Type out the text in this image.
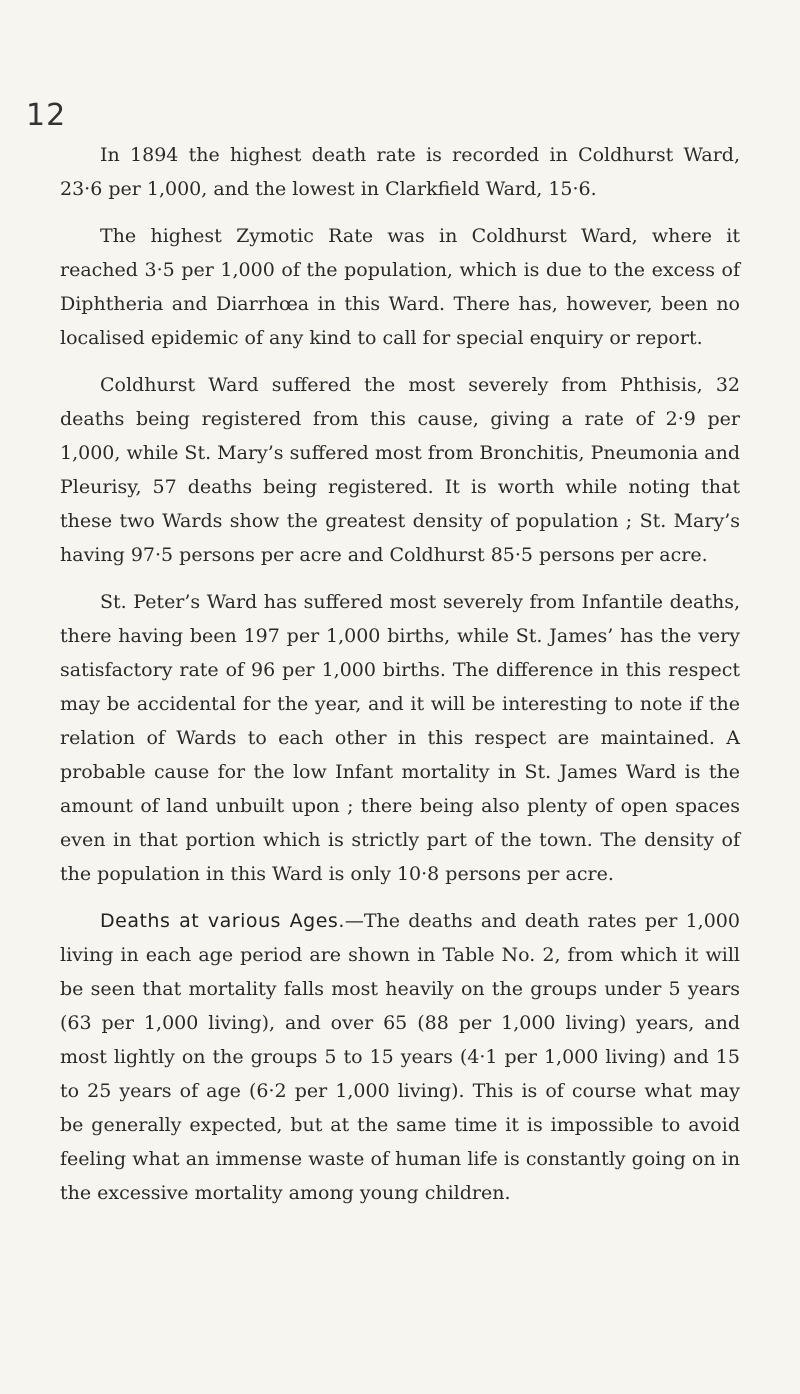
12

In 1894 the highest death rate is recorded in Coldhurst Ward, 23·6 per 1,000, and the lowest in Clarkfield Ward, 15·6.

The highest Zymotic Rate was in Coldhurst Ward, where it reached 3·5 per 1,000 of the population, which is due to the excess of Diphtheria and Diarrhœa in this Ward. There has, however, been no localised epidemic of any kind to call for special enquiry or report.

Coldhurst Ward suffered the most severely from Phthisis, 32 deaths being registered from this cause, giving a rate of 2·9 per 1,000, while St. Mary’s suffered most from Bronchitis, Pneumonia and Pleurisy, 57 deaths being registered. It is worth while noting that these two Wards show the greatest density of population ; St. Mary’s having 97·5 persons per acre and Coldhurst 85·5 persons per acre.

St. Peter’s Ward has suffered most severely from Infantile deaths, there having been 197 per 1,000 births, while St. James’ has the very satisfactory rate of 96 per 1,000 births. The difference in this respect may be accidental for the year, and it will be interesting to note if the relation of Wards to each other in this respect are maintained. A probable cause for the low Infant mortality in St. James Ward is the amount of land unbuilt upon ; there being also plenty of open spaces even in that portion which is strictly part of the town. The density of the population in this Ward is only 10·8 persons per acre.

Deaths at various Ages.—The deaths and death rates per 1,000 living in each age period are shown in Table No. 2, from which it will be seen that mortality falls most heavily on the groups under 5 years (63 per 1,000 living), and over 65 (88 per 1,000 living) years, and most lightly on the groups 5 to 15 years (4·1 per 1,000 living) and 15 to 25 years of age (6·2 per 1,000 living). This is of course what may be generally expected, but at the same time it is impossible to avoid feeling what an immense waste of human life is constantly going on in the excessive mortality among young children.
